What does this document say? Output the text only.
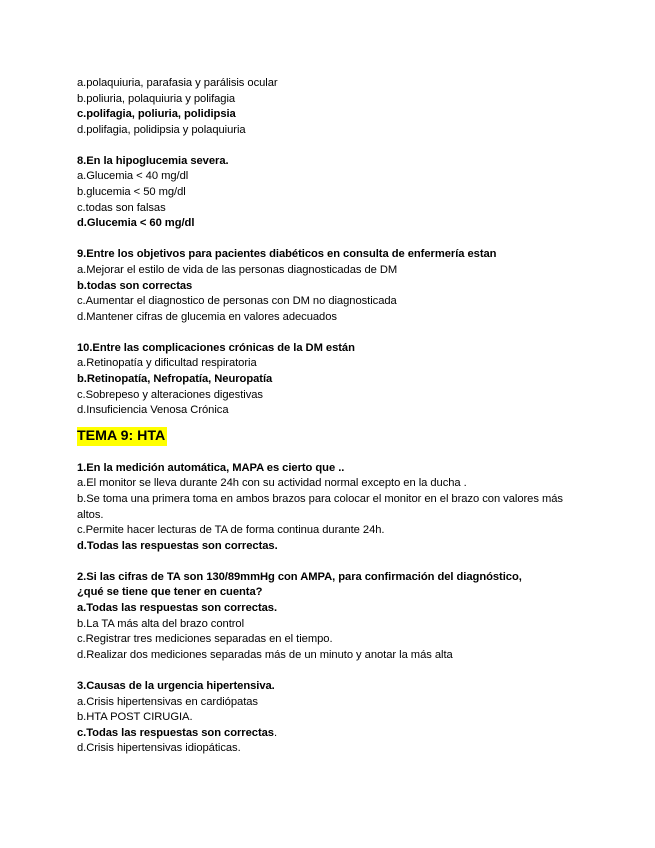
a.polaquiuria, parafasia y parálisis ocular
b.poliuria, polaquiuria y polifagia
c.polifagia, poliuria, polidipsia
d.polifagia, polidipsia y polaquiuria
8.En la hipoglucemia severa.
a.Glucemia < 40 mg/dl
b.glucemia < 50 mg/dl
c.todas son falsas
d.Glucemia < 60 mg/dl
9.Entre los objetivos para pacientes diabéticos en consulta de enfermería estan
a.Mejorar el estilo de vida de las personas diagnosticadas de DM
b.todas son correctas
c.Aumentar el diagnostico de personas con DM no diagnosticada
d.Mantener cifras de glucemia en valores adecuados
10.Entre las complicaciones crónicas de la DM están
a.Retinopatía y dificultad respiratoria
b.Retinopatía, Nefropatía, Neuropatía
c.Sobrepeso y alteraciones digestivas
d.Insuficiencia Venosa Crónica
TEMA 9: HTA
1.En la medición automática, MAPA es cierto que ..
a.El monitor se lleva durante 24h con su actividad normal excepto en la ducha .
b.Se toma una primera toma en ambos brazos para colocar el monitor en el brazo con valores más altos.
c.Permite hacer lecturas de TA de forma continua durante 24h.
d.Todas las respuestas son correctas.
2.Si las cifras de TA son 130/89mmHg con AMPA, para confirmación del diagnóstico,
¿qué se tiene que tener en cuenta?
a.Todas las respuestas son correctas.
b.La TA más alta del brazo control
c.Registrar tres mediciones separadas en el tiempo.
d.Realizar dos mediciones separadas más de un minuto y anotar la más alta
3.Causas de la urgencia hipertensiva.
a.Crisis hipertensivas en cardiópatas
b.HTA POST CIRUGIA.
c.Todas las respuestas son correctas.
d.Crisis hipertensivas idiopáticas.
